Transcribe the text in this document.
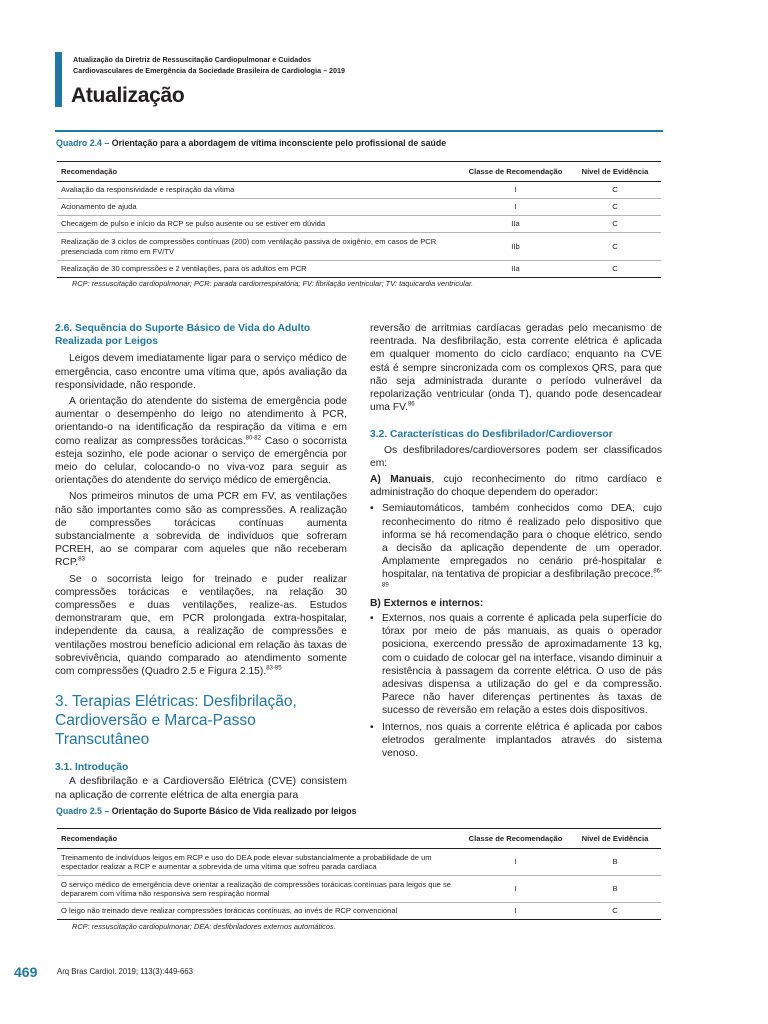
Atualização da Diretriz de Ressuscitação Cardiopulmonar e Cuidados
Cardiovasculares de Emergência da Sociedade Brasileira de Cardiologia – 2019
Atualização
Quadro 2.4 – Orientação para a abordagem de vítima inconsciente pelo profissional de saúde
Recomendação	Classe de Recomendação	Nível de Evidência
Avaliação da responsividade e respiração da vítima	I	C
Acionamento de ajuda	I	C
Checagem de pulso e início da RCP se pulso ausente ou se estiver em dúvida	IIa	C
Realização de 3 ciclos de compressões contínuas (200) com ventilação passiva de oxigênio, em casos de PCR presenciada com ritmo em FV/TV	IIb	C
Realização de 30 compressões e 2 ventilações, para os adultos em PCR	IIa	C
RCP: ressuscitação cardiopulmonar; PCR: parada cardiorrespiratória; FV: fibrilação ventricular; TV: taquicardia ventricular.
2.6. Sequência do Suporte Básico de Vida do Adulto Realizada por Leigos

Leigos devem imediatamente ligar para o serviço médico de emergência, caso encontre uma vítima que, após avaliação da responsividade, não responde.

A orientação do atendente do sistema de emergência pode aumentar o desempenho do leigo no atendimento à PCR, orientando-o na identificação da respiração da vítima e em como realizar as compressões torácicas.$^{80-82}$ Caso o socorrista esteja sozinho, ele pode acionar o serviço de emergência por meio do celular, colocando-o no viva-voz para seguir as orientações do atendente do serviço médico de emergência.

Nos primeiros minutos de uma PCR em FV, as ventilações não são importantes como são as compressões. A realização de compressões torácicas contínuas aumenta substancialmente a sobrevida de indivíduos que sofreram PCREH, ao se comparar com aqueles que não receberam RCP.$^{83}$

Se o socorrista leigo for treinado e puder realizar compressões torácicas e ventilações, na relação 30 compressões e duas ventilações, realize-as. Estudos demonstraram que, em PCR prolongada extra-hospitalar, independente da causa, a realização de compressões e ventilações mostrou benefício adicional em relação às taxas de sobrevivência, quando comparado ao atendimento somente com compressões (Quadro 2.5 e Figura 2.15).$^{83-85}$

3. Terapias Elétricas: Desfibrilação, Cardioversão e Marca-Passo Transcutâneo
3.1. Introdução

A desfibrilação e a Cardioversão Elétrica (CVE) consistem na aplicação de corrente elétrica de alta energia para

reversão de arritmias cardíacas geradas pelo mecanismo de reentrada. Na desfibrilação, esta corrente elétrica é aplicada em qualquer momento do ciclo cardíaco; enquanto na CVE está é sempre sincronizada com os complexos QRS, para que não seja administrada durante o período vulnerável da repolarização ventricular (onda T), quando pode desencadear uma FV.$^{86}$

3.2. Características do Desfibrilador/Cardioversor

Os desfibriladores/cardioversores podem ser classificados em:

A) Manuais, cujo reconhecimento do ritmo cardíaco e administração do choque dependem do operador:

• Semiautomáticos, também conhecidos como DEA, cujo reconhecimento do ritmo é realizado pelo dispositivo que informa se há recomendação para o choque elétrico, sendo a decisão da aplicação dependente de um operador. Amplamente empregados no cenário pré-hospitalar e hospitalar, na tentativa de propiciar a desfibrilação precoce.$^{86-89}$

B) Externos e internos:

• Externos, nos quais a corrente é aplicada pela superfície do tórax por meio de pás manuais, as quais o operador posiciona, exercendo pressão de aproximadamente 13 kg, com o cuidado de colocar gel na interface, visando diminuir a resistência à passagem da corrente elétrica. O uso de pás adesivas dispensa a utilização do gel e da compressão. Parece não haver diferenças pertinentes às taxas de sucesso de reversão em relação a estes dois dispositivos.
• Internos, nos quais a corrente elétrica é aplicada por cabos eletrodos geralmente implantados através do sistema venoso.
Quadro 2.5 – Orientação do Suporte Básico de Vida realizado por leigos
Recomendação	Classe de Recomendação	Nível de Evidência
Treinamento de indivíduos leigos em RCP e uso do DEA pode elevar substancialmente a probabilidade de um espectador realizar a RCP e aumentar a sobrevida de uma vítima que sofreu parada cardíaca	I	B
O serviço médico de emergência deve orientar a realização de compressões torácicas contínuas para leigos que se depararem com vítima não responsiva sem respiração normal	I	B
O leigo não treinado deve realizar compressões torácicas contínuas, ao invés de RCP convencional	I	C
RCP: ressuscitação cardiopulmonar; DEA: desfibriladores externos automáticos.
469	Arq Bras Cardiol. 2019; 113(3):449-663
